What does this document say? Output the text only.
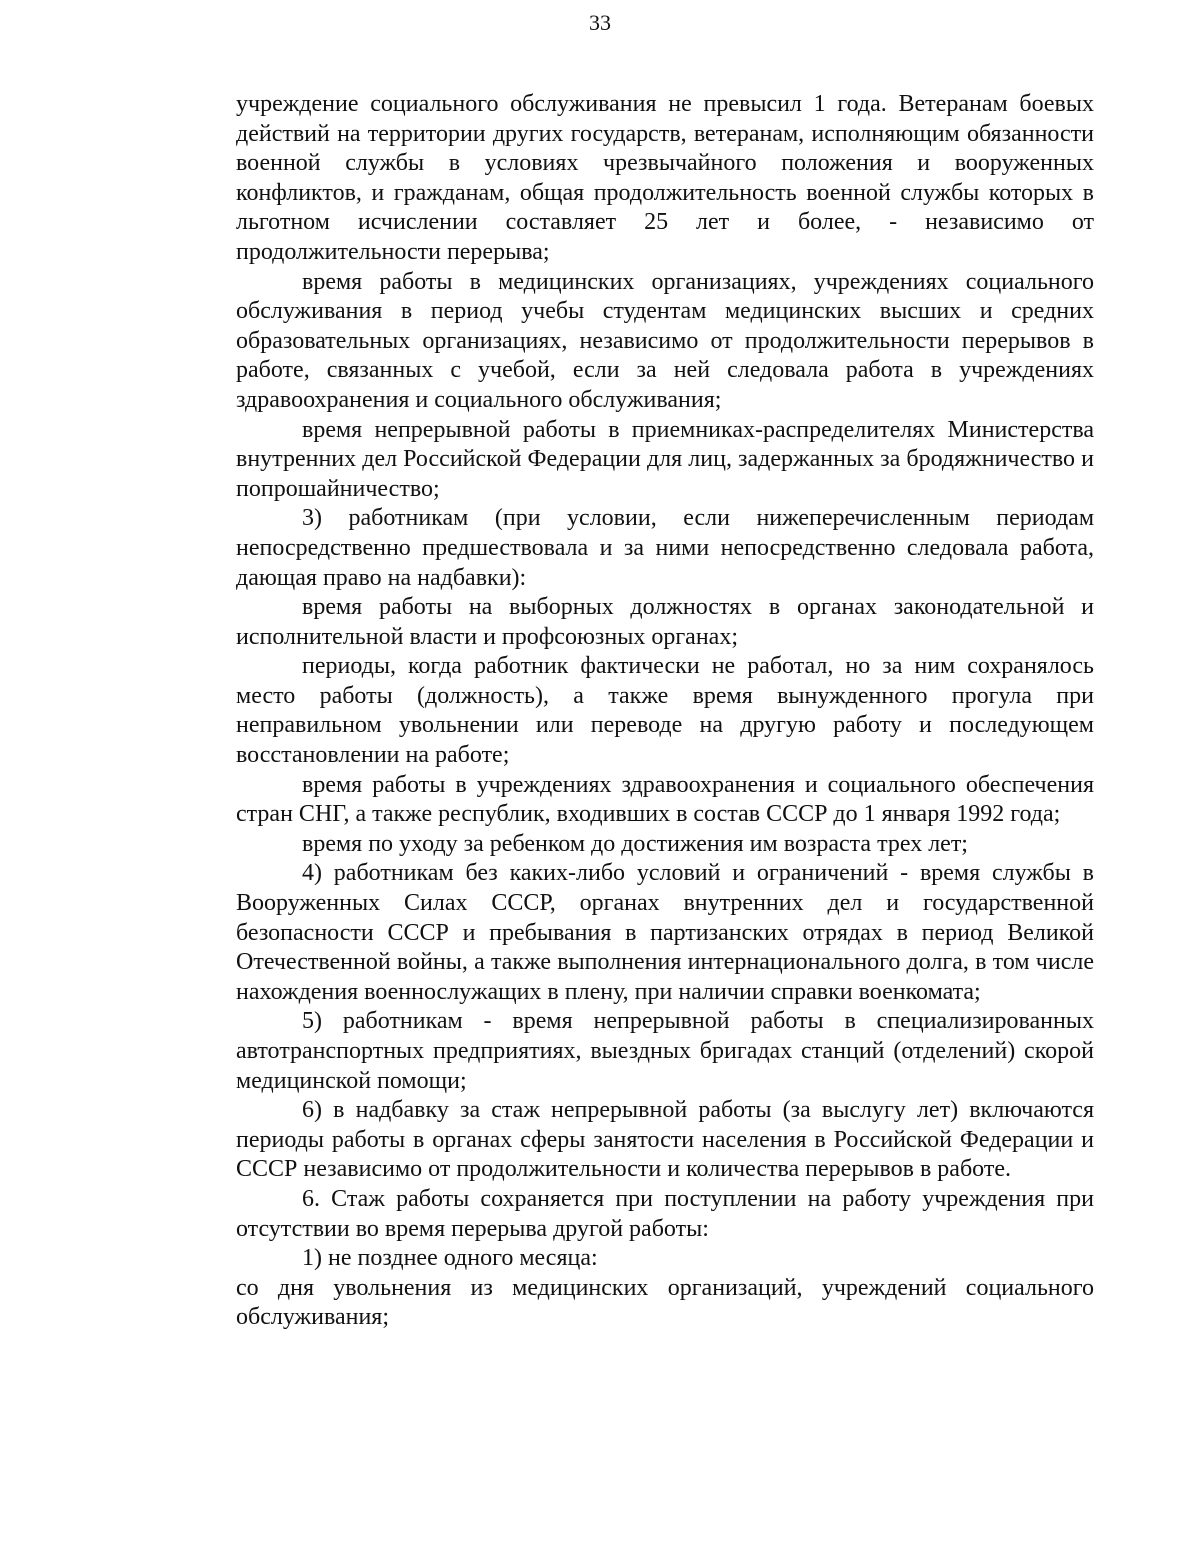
33

учреждение социального обслуживания не превысил 1 года. Ветеранам боевых действий на территории других государств, ветеранам, исполняющим обязанности военной службы в условиях чрезвычайного положения и вооруженных конфликтов, и гражданам, общая продолжительность военной службы которых в льготном исчислении составляет 25 лет и более, - независимо от продолжительности перерыва;

время работы в медицинских организациях, учреждениях социального обслуживания в период учебы студентам медицинских высших и средних образовательных организациях, независимо от продолжительности перерывов в работе, связанных с учебой, если за ней следовала работа в учреждениях здравоохранения и социального обслуживания;

время непрерывной работы в приемниках-распределителях Министерства внутренних дел Российской Федерации для лиц, задержанных за бродяжничество и попрошайничество;

3) работникам (при условии, если нижеперечисленным периодам непосредственно предшествовала и за ними непосредственно следовала работа, дающая право на надбавки):

время работы на выборных должностях в органах законодательной и исполнительной власти и профсоюзных органах;

периоды, когда работник фактически не работал, но за ним сохранялось место работы (должность), а также время вынужденного прогула при неправильном увольнении или переводе на другую работу и последующем восстановлении на работе;

время работы в учреждениях здравоохранения и социального обеспечения стран СНГ, а также республик, входивших в состав СССР до 1 января 1992 года;

время по уходу за ребенком до достижения им возраста трех лет;

4) работникам без каких-либо условий и ограничений - время службы в Вооруженных Силах СССР, органах внутренних дел и государственной безопасности СССР и пребывания в партизанских отрядах в период Великой Отечественной войны, а также выполнения интернационального долга, в том числе нахождения военнослужащих в плену, при наличии справки военкомата;

5) работникам - время непрерывной работы в специализированных автотранспортных предприятиях, выездных бригадах станций (отделений) скорой медицинской помощи;

6) в надбавку за стаж непрерывной работы (за выслугу лет) включаются периоды работы в органах сферы занятости населения в Российской Федерации и СССР независимо от продолжительности и количества перерывов в работе.

6. Стаж работы сохраняется при поступлении на работу учреждения при отсутствии во время перерыва другой работы:

1) не позднее одного месяца:

со дня увольнения из медицинских организаций, учреждений социального обслуживания;
